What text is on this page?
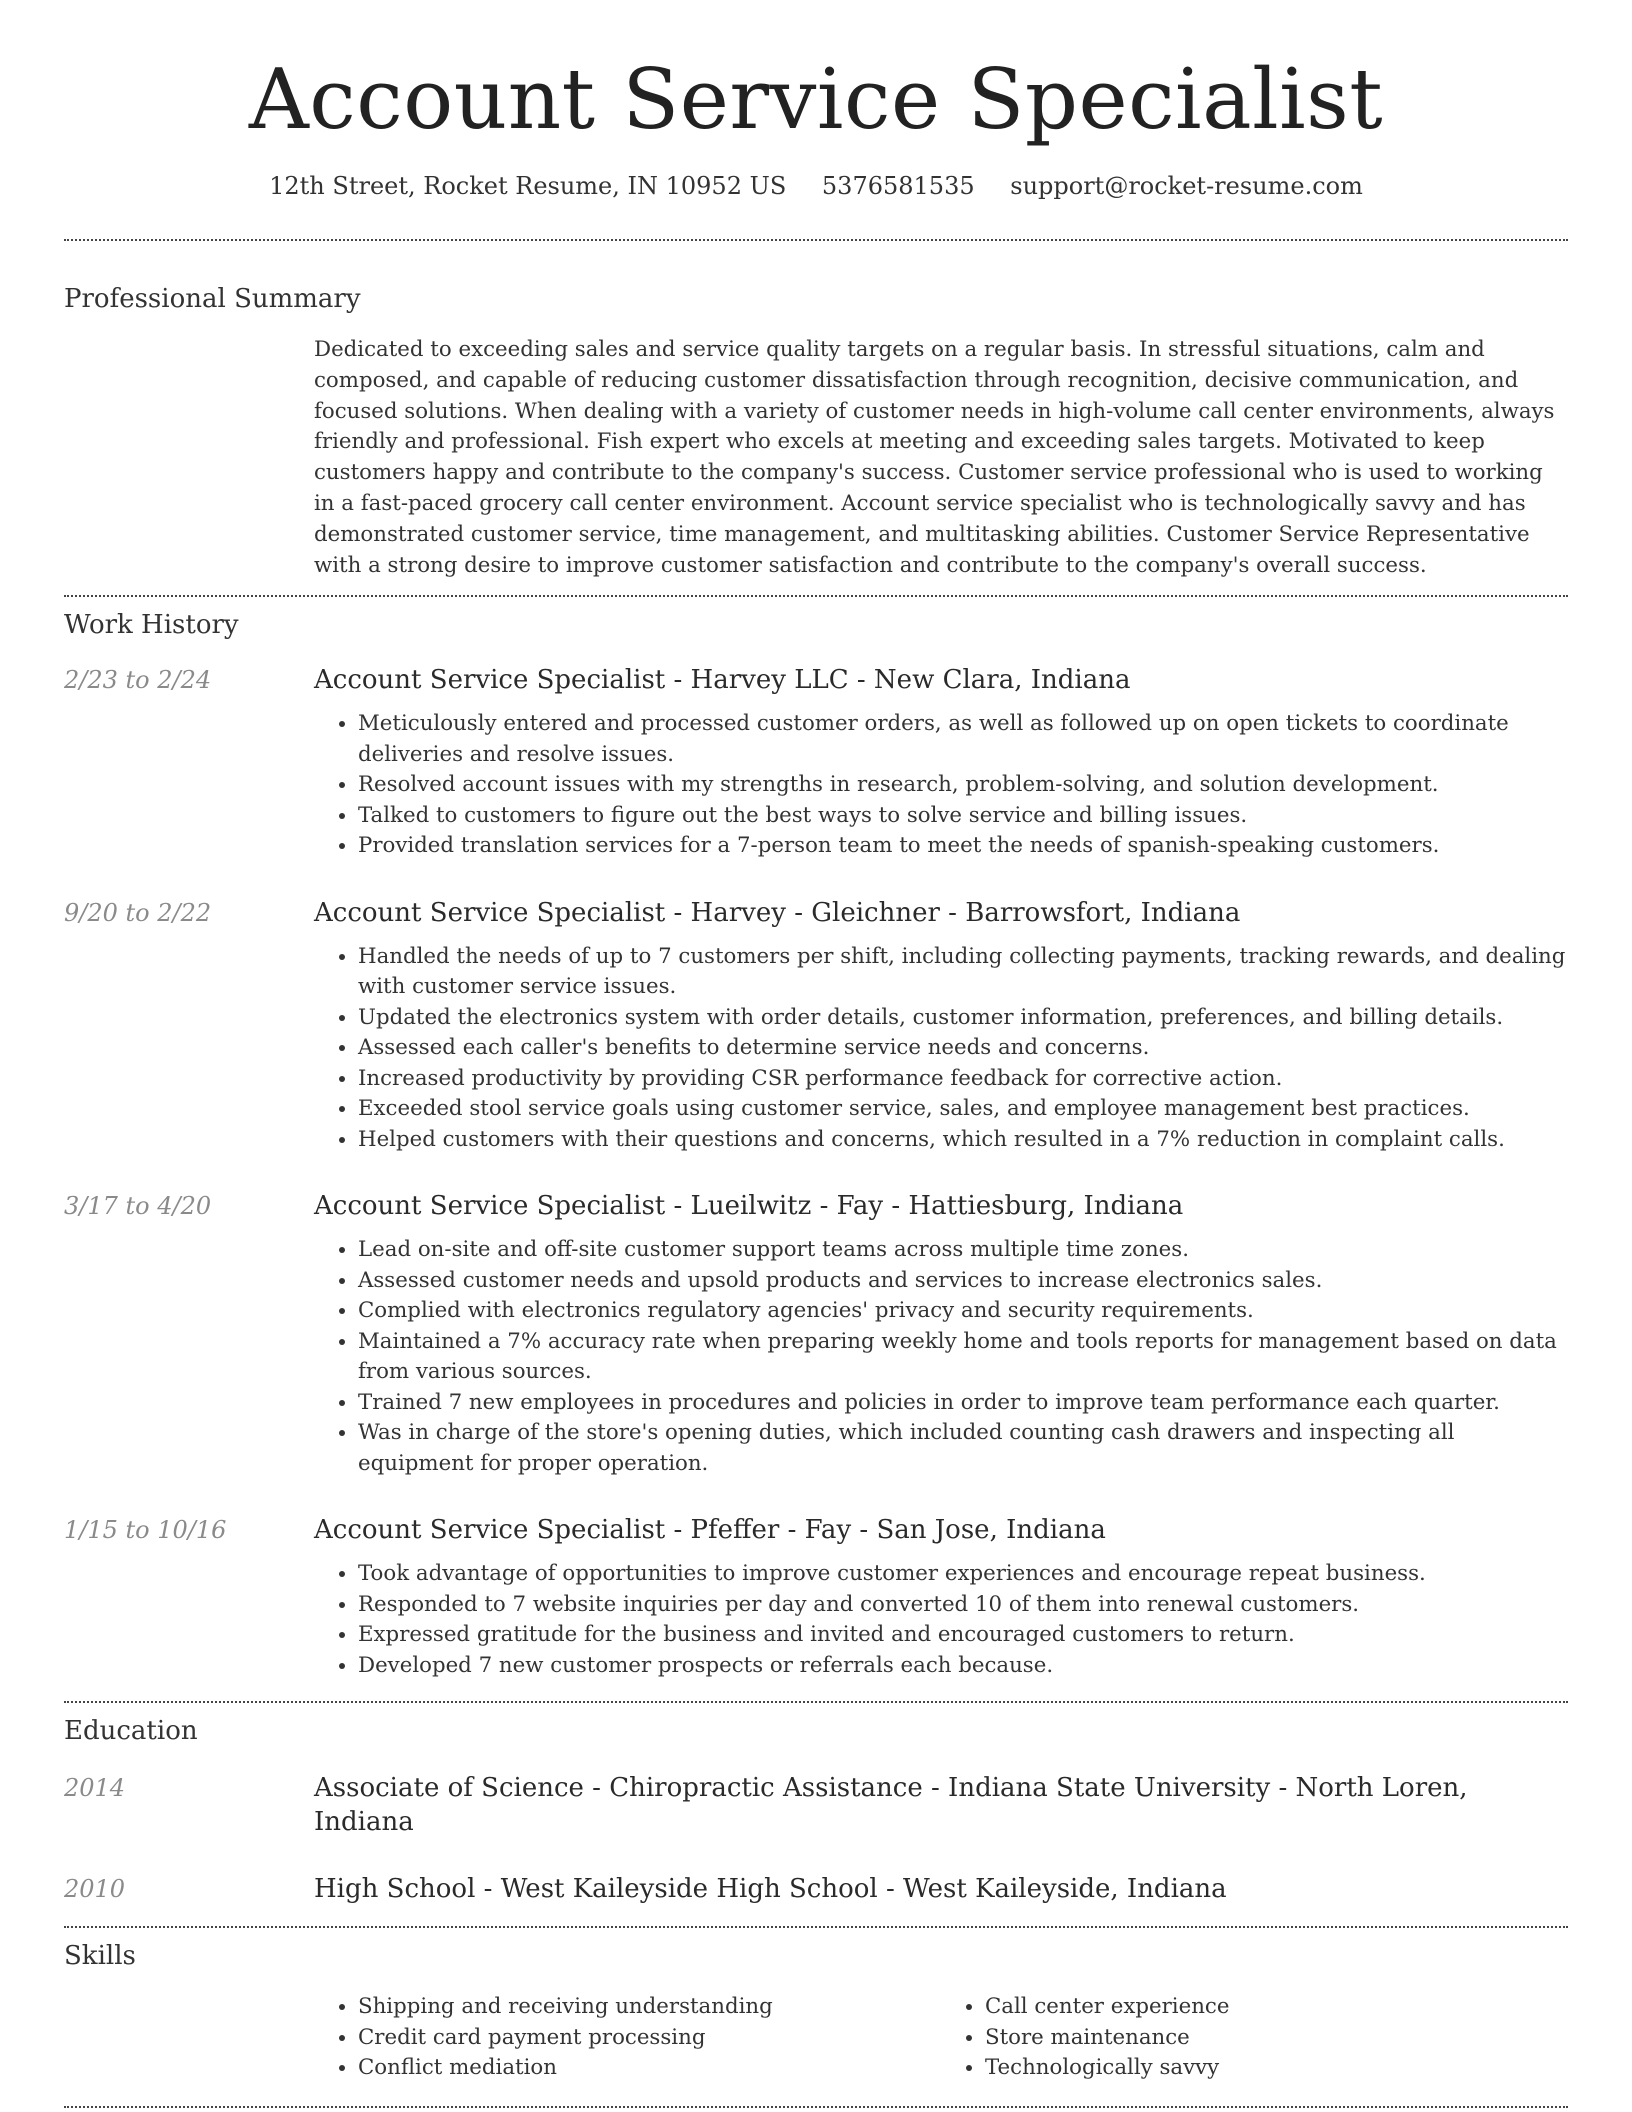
Account Service Specialist
12th Street, Rocket Resume, IN 10952 US 5376581535 support@rocket-resume.com
Professional Summary
Dedicated to exceeding sales and service quality targets on a regular basis. In stressful situations, calm and composed, and capable of reducing customer dissatisfaction through recognition, decisive communication, and focused solutions. When dealing with a variety of customer needs in high-volume call center environments, always friendly and professional. Fish expert who excels at meeting and exceeding sales targets. Motivated to keep customers happy and contribute to the company's success. Customer service professional who is used to working in a fast-paced grocery call center environment. Account service specialist who is technologically savvy and has demonstrated customer service, time management, and multitasking abilities. Customer Service Representative with a strong desire to improve customer satisfaction and contribute to the company's overall success.
Work History
2/23 to 2/24	Account Service Specialist - Harvey LLC - New Clara, Indiana
• Meticulously entered and processed customer orders, as well as followed up on open tickets to coordinate deliveries and resolve issues.
• Resolved account issues with my strengths in research, problem-solving, and solution development.
• Talked to customers to figure out the best ways to solve service and billing issues.
• Provided translation services for a 7-person team to meet the needs of spanish-speaking customers.
9/20 to 2/22	Account Service Specialist - Harvey - Gleichner - Barrowsfort, Indiana
• Handled the needs of up to 7 customers per shift, including collecting payments, tracking rewards, and dealing with customer service issues.
• Updated the electronics system with order details, customer information, preferences, and billing details.
• Assessed each caller's benefits to determine service needs and concerns.
• Increased productivity by providing CSR performance feedback for corrective action.
• Exceeded stool service goals using customer service, sales, and employee management best practices.
• Helped customers with their questions and concerns, which resulted in a 7% reduction in complaint calls.
3/17 to 4/20	Account Service Specialist - Lueilwitz - Fay - Hattiesburg, Indiana
• Lead on-site and off-site customer support teams across multiple time zones.
• Assessed customer needs and upsold products and services to increase electronics sales.
• Complied with electronics regulatory agencies' privacy and security requirements.
• Maintained a 7% accuracy rate when preparing weekly home and tools reports for management based on data from various sources.
• Trained 7 new employees in procedures and policies in order to improve team performance each quarter.
• Was in charge of the store's opening duties, which included counting cash drawers and inspecting all equipment for proper operation.
1/15 to 10/16	Account Service Specialist - Pfeffer - Fay - San Jose, Indiana
• Took advantage of opportunities to improve customer experiences and encourage repeat business.
• Responded to 7 website inquiries per day and converted 10 of them into renewal customers.
• Expressed gratitude for the business and invited and encouraged customers to return.
• Developed 7 new customer prospects or referrals each because.
Education
2014	Associate of Science - Chiropractic Assistance - Indiana State University - North Loren, Indiana
2010	High School - West Kaileyside High School - West Kaileyside, Indiana
Skills
• Shipping and receiving understanding
• Credit card payment processing
• Conflict mediation
• Call center experience
• Store maintenance
• Technologically savvy
